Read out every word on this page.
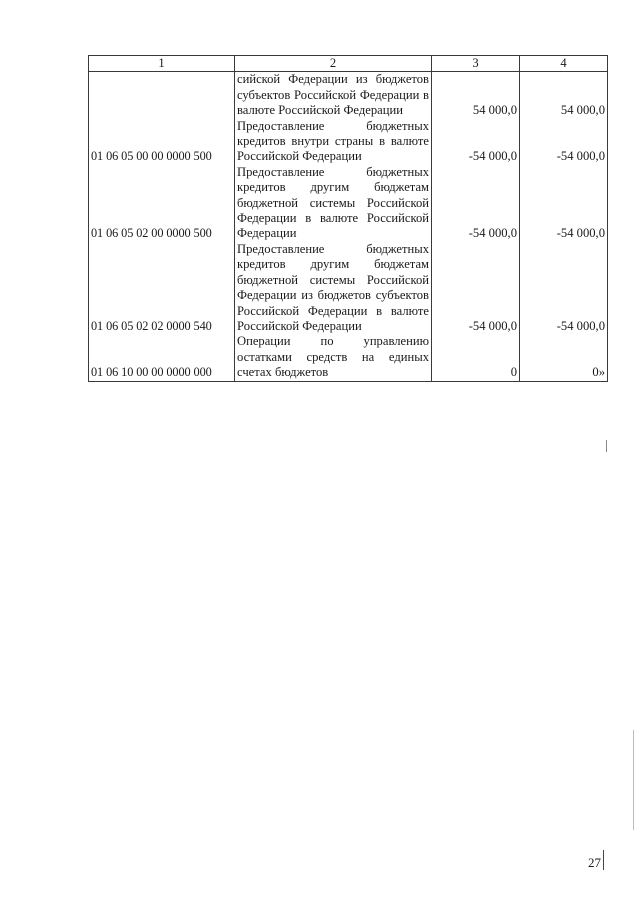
1	2	3	4
	сийской Федерации из бюджетов субъектов Российской Федерации в валюте Российской Федерации	54 000,0	54 000,0
01 06 05 00 00 0000 500	Предоставление бюджетных кредитов внутри страны в валюте Российской Федерации	-54 000,0	-54 000,0
01 06 05 02 00 0000 500	Предоставление бюджетных кредитов другим бюджетам бюджетной системы Российской Федерации в валюте Российской Федерации	-54 000,0	-54 000,0
01 06 05 02 02 0000 540	Предоставление бюджетных кредитов другим бюджетам бюджетной системы Российской Федерации из бюджетов субъектов Российской Федерации в валюте Российской Федерации	-54 000,0	-54 000,0
01 06 10 00 00 0000 000	Операции по управлению остатками средств на единых счетах бюджетов	0	0»
27
